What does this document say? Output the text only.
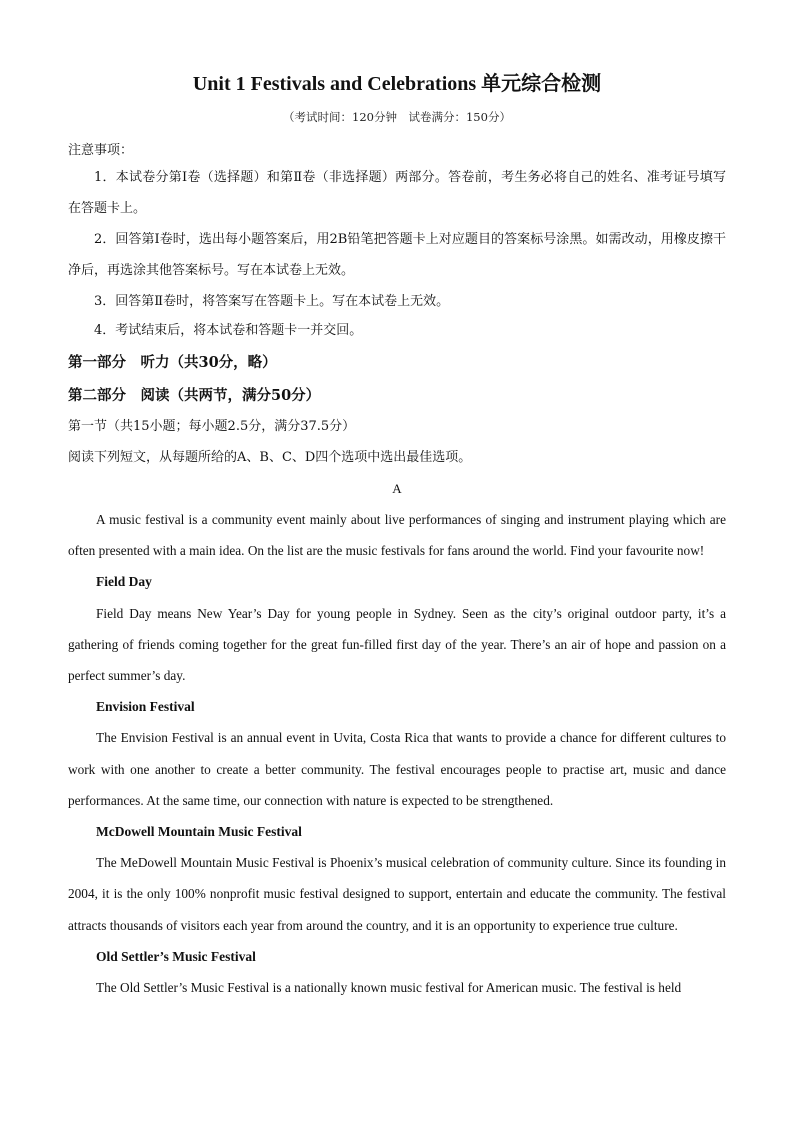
Unit 1 Festivals and Celebrations 单元综合检测

（考试时间：120分钟　试卷满分：150分）

注意事项：

1．本试卷分第Ⅰ卷（选择题）和第Ⅱ卷（非选择题）两部分。答卷前，考生务必将自己的姓名、准考证号填写在答题卡上。

2．回答第Ⅰ卷时，选出每小题答案后，用2B铅笔把答题卡上对应题目的答案标号涂黑。如需改动，用橡皮擦干净后，再选涂其他答案标号。写在本试卷上无效。

3．回答第Ⅱ卷时，将答案写在答题卡上。写在本试卷上无效。

4．考试结束后，将本试卷和答题卡一并交回。

第一部分　听力（共30分，略）

第二部分　阅读（共两节，满分50分）

第一节（共15小题；每小题2.5分，满分37.5分）

阅读下列短文，从每题所给的A、B、C、D四个选项中选出最佳选项。

A

A music festival is a community event mainly about live performances of singing and instrument playing which are often presented with a main idea. On the list are the music festivals for fans around the world. Find your favourite now!

Field Day

Field Day means New Year’s Day for young people in Sydney. Seen as the city’s original outdoor party, it’s a gathering of friends coming together for the great fun-filled first day of the year. There’s an air of hope and passion on a perfect summer’s day.

Envision Festival

The Envision Festival is an annual event in Uvita, Costa Rica that wants to provide a chance for different cultures to work with one another to create a better community. The festival encourages people to practise art, music and dance performances. At the same time, our connection with nature is expected to be strengthened.

McDowell Mountain Music Festival

The MeDowell Mountain Music Festival is Phoenix’s musical celebration of community culture. Since its founding in 2004, it is the only 100% nonprofit music festival designed to support, entertain and educate the community. The festival attracts thousands of visitors each year from around the country, and it is an opportunity to experience true culture.

Old Settler’s Music Festival

The Old Settler’s Music Festival is a nationally known music festival for American music. The festival is held
